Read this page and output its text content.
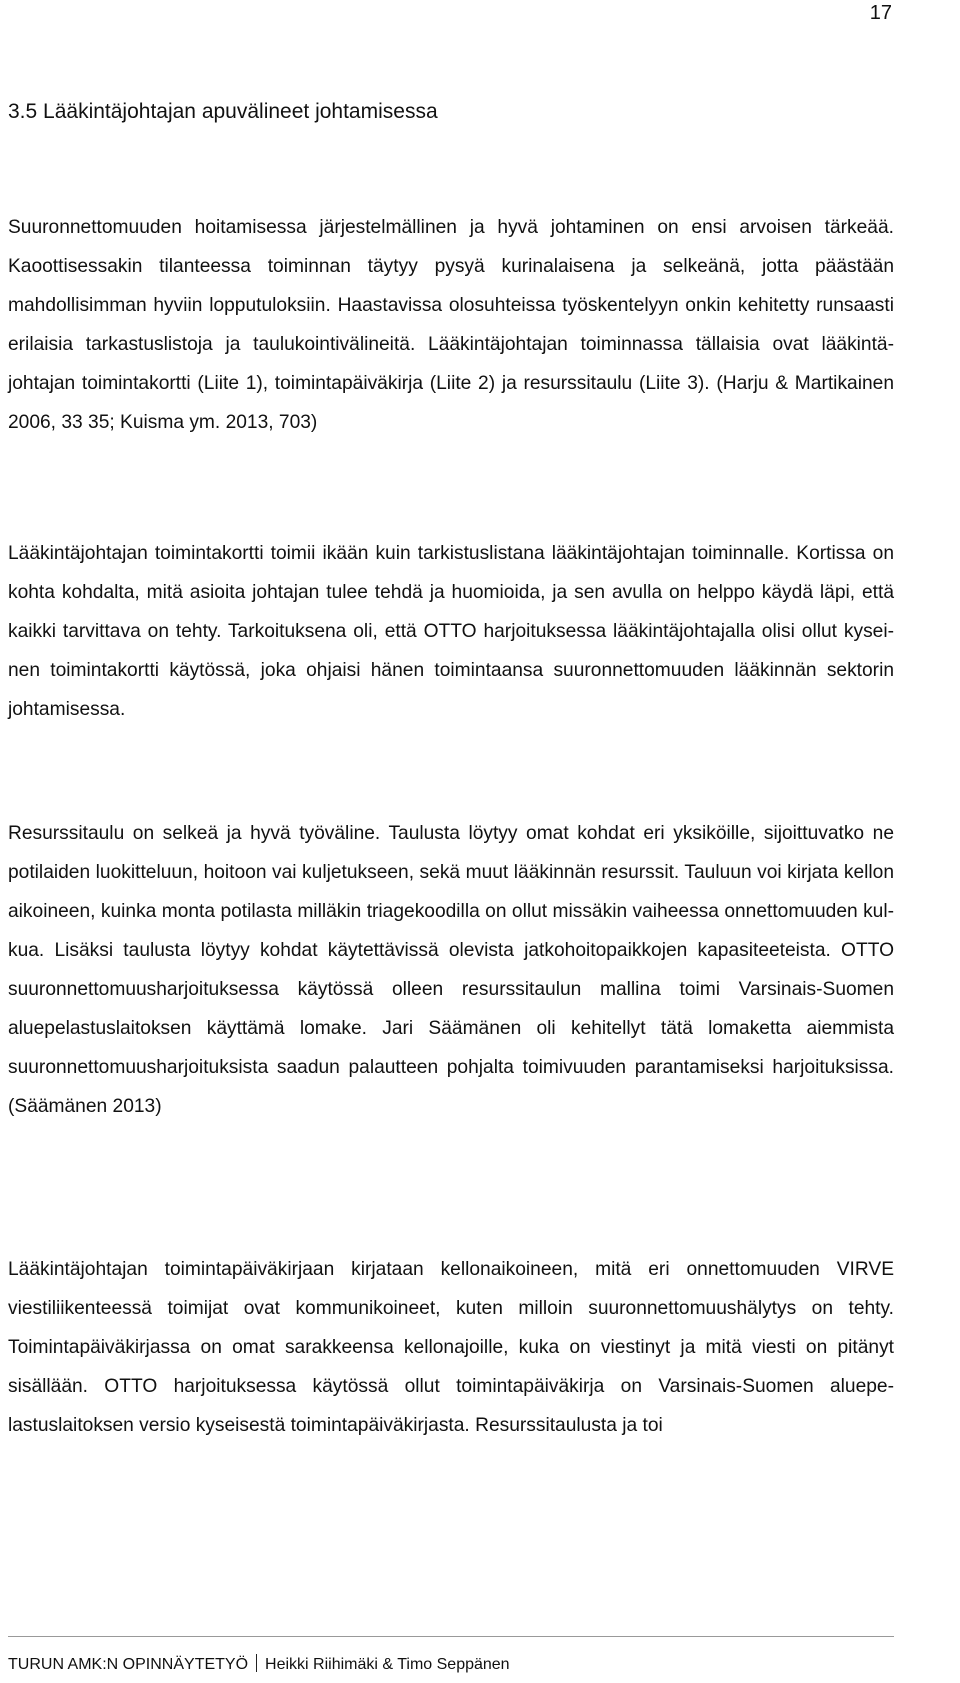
17
3.5 Lääkintäjohtajan apuvälineet johtamisessa

Suuronnettomuuden hoitamisessa järjestelmällinen ja hyvä johtaminen on ensi arvoisen tärkeää. Kaoottisessakin tilanteessa toiminnan täytyy pysyä kurinalaisena ja selkeänä, jotta päästään mahdollisimman hyviin lopputuloksiin. Haastavissa olosuhteissa työskentelyyn onkin kehitetty runsaasti erilaisia tarkastuslistoja ja taulukointivälineitä. Lääkintäjohtajan toiminnassa tällaisia ovat lääkintäjohtajan toimintakortti (Liite 1), toimintapäiväkirja (Liite 2) ja resurssitaulu (Liite 3). (Harju & Martikainen 2006, 33 35; Kuisma ym. 2013, 703)

Lääkintäjohtajan toimintakortti toimii ikään kuin tarkistuslistana lääkintäjohtajan toiminnalle. Kortissa on kohta kohdalta, mitä asioita johtajan tulee tehdä ja huomioida, ja sen avulla on helppo käydä läpi, että kaikki tarvittava on tehty. Tarkoituksena oli, että OTTO harjoituksessa lääkintäjohtajalla olisi ollut kyseinen toimintakortti käytössä, joka ohjaisi hänen toimintaansa suuronnettomuuden lääkinnän sektorin johtamisessa.

Resurssitaulu on selkeä ja hyvä työväline. Taulusta löytyy omat kohdat eri yksiköille, sijoittuvatko ne potilaiden luokitteluun, hoitoon vai kuljetukseen, sekä muut lääkinnän resurssit. Tauluun voi kirjata kellon aikoineen, kuinka monta potilasta milläkin triagekoodilla on ollut missäkin vaiheessa onnettomuuden kulkua. Lisäksi taulusta löytyy kohdat käytettävissä olevista jatkohoitopaikkojen kapasiteeteista. OTTO suuronnettomuusharjoituksessa käytössä olleen resurssitaulun mallina toimi Varsinais-Suomen aluepelastuslaitoksen käyttämä lomake. Jari Säämänen oli kehitellyt tätä lomaketta aiemmista suuronnettomuusharjoituksista saadun palautteen pohjalta toimivuuden parantamiseksi harjoituksissa. (Säämänen 2013)

Lääkintäjohtajan toimintapäiväkirjaan kirjataan kellonaikoineen, mitä eri onnettomuuden VIRVE viestiliikenteessä toimijat ovat kommunikoineet, kuten milloin suuronnettomuushälytys on tehty. Toimintapäiväkirjassa on omat sarakkeensa kellonajoille, kuka on viestinyt ja mitä viesti on pitänyt sisällään. OTTO harjoituksessa käytössä ollut toimintapäiväkirja on Varsinais-Suomen aluepelastuslaitoksen versio kyseisestä toimintapäiväkirjasta. Resurssitaulusta ja toi

TURUN AMK:N OPINNÄYTETYÖ Heikki Riihimäki & Timo Seppänen
